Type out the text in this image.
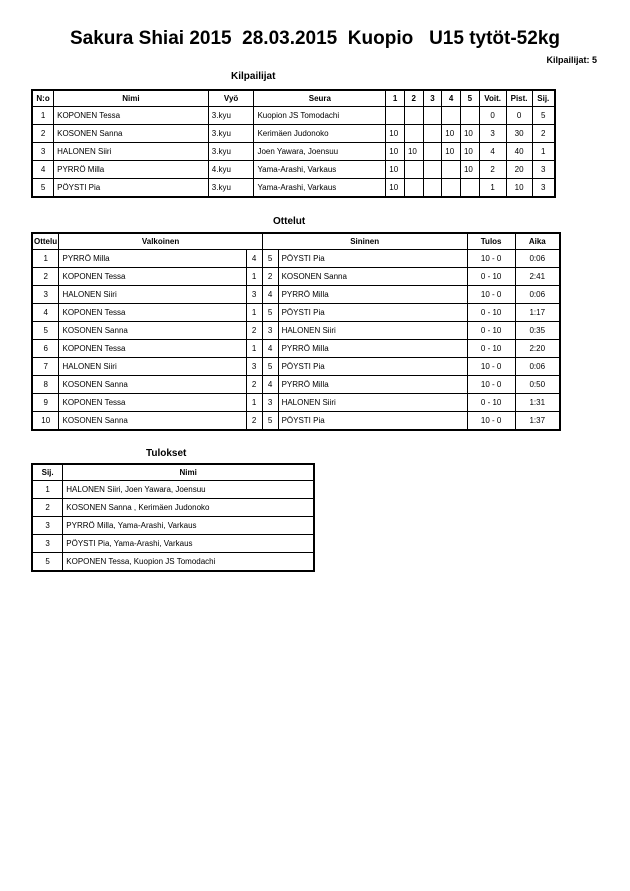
Sakura Shiai 2015  28.03.2015  Kuopio   U15 tytöt-52kg
Kilpailijat: 5
Kilpailijat
N:o	Nimi	Vyö	Seura	1	2	3	4	5	Voit.	Pist.	Sij.
1	KOPONEN Tessa	3.kyu	Kuopion JS Tomodachi						0	0	5
2	KOSONEN Sanna	3.kyu	Kerimäen Judonoko	10			10	10	3	30	2
3	HALONEN Siiri	3.kyu	Joen Yawara, Joensuu	10	10		10	10	4	40	1
4	PYRRÖ Milla	4.kyu	Yama-Arashi, Varkaus	10				10	2	20	3
5	PÖYSTI Pia	3.kyu	Yama-Arashi, Varkaus	10					1	10	3
Ottelut
Ottelu	Valkoinen		Sininen		Tulos	Aika
1	PYRRÖ Milla	4	5	PÖYSTI Pia	10 - 0	0:06
2	KOPONEN Tessa	1	2	KOSONEN Sanna	0 - 10	2:41
3	HALONEN Siiri	3	4	PYRRÖ Milla	10 - 0	0:06
4	KOPONEN Tessa	1	5	PÖYSTI Pia	0 - 10	1:17
5	KOSONEN Sanna	2	3	HALONEN Siiri	0 - 10	0:35
6	KOPONEN Tessa	1	4	PYRRÖ Milla	0 - 10	2:20
7	HALONEN Siiri	3	5	PÖYSTI Pia	10 - 0	0:06
8	KOSONEN Sanna	2	4	PYRRÖ Milla	10 - 0	0:50
9	KOPONEN Tessa	1	3	HALONEN Siiri	0 - 10	1:31
10	KOSONEN Sanna	2	5	PÖYSTI Pia	10 - 0	1:37
Tulokset
Sij.	Nimi
1	HALONEN Siiri, Joen Yawara, Joensuu
2	KOSONEN Sanna , Kerimäen Judonoko
3	PYRRÖ Milla, Yama-Arashi, Varkaus
3	PÖYSTI Pia, Yama-Arashi, Varkaus
5	KOPONEN Tessa, Kuopion JS Tomodachi
